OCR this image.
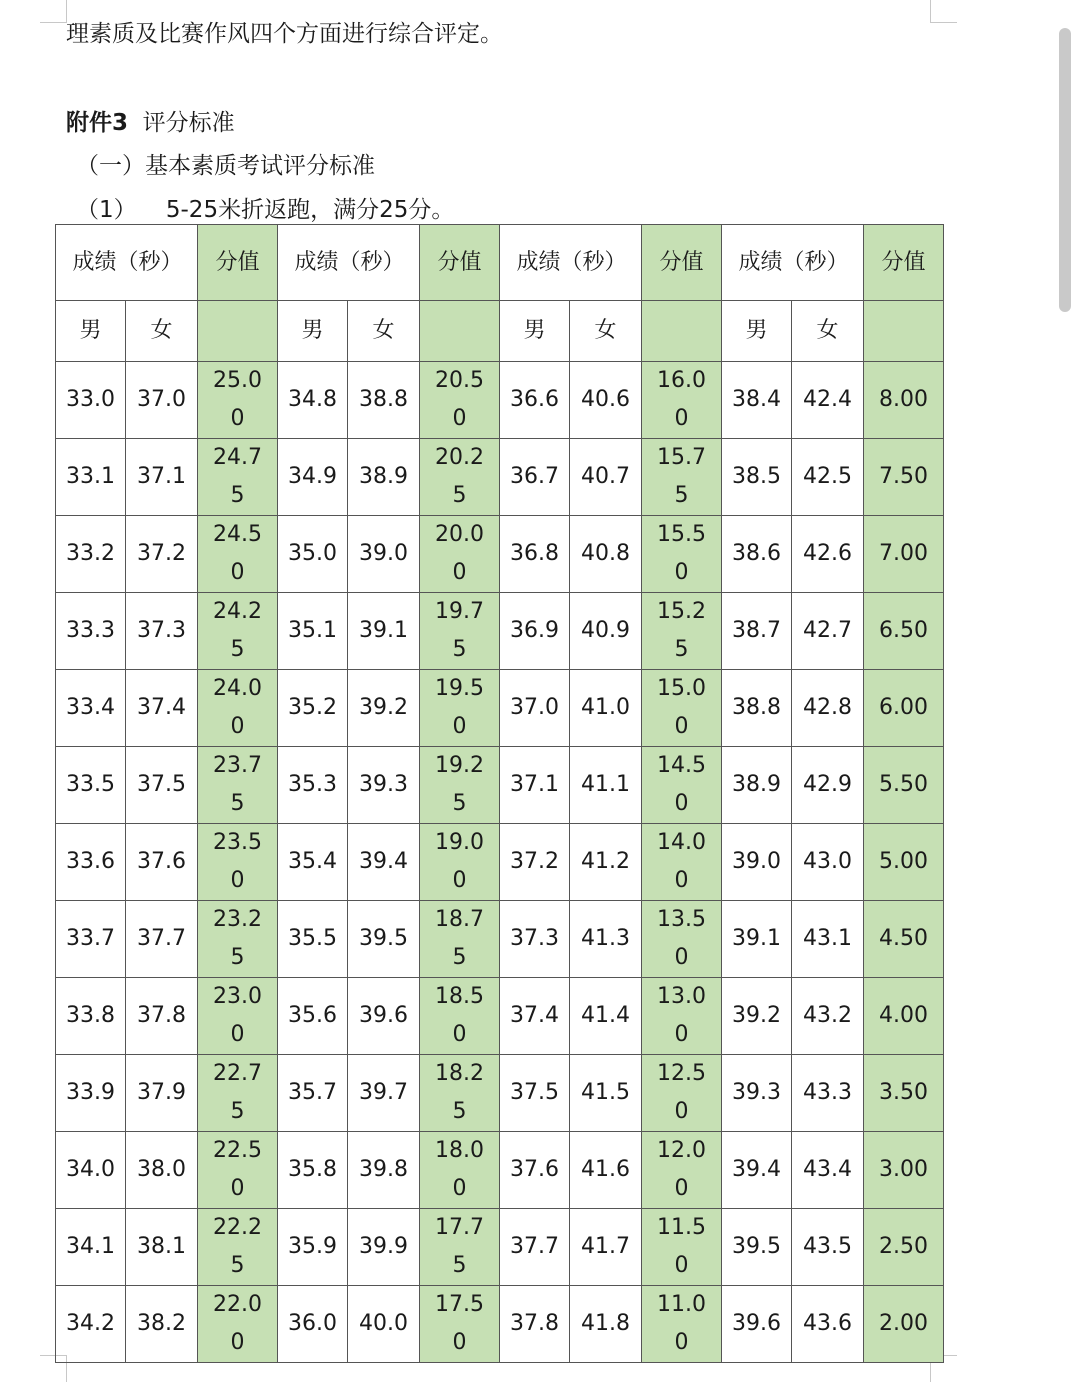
理素质及比赛作风四个方面进行综合评定。
附件3  评分标准
（一）基本素质考试评分标准
（1）    5-25米折返跑，满分25分。
成绩（秒）		分值	成绩（秒）		分值	成绩（秒）		分值	成绩（秒）		分值
男	女		男	女		男	女		男	女	
33.0	37.0	25.00	34.8	38.8	20.50	36.6	40.6	16.00	38.4	42.4	8.00

33.1	37.1	24.75	34.9	38.9	20.25	36.7	40.7	15.75	38.5	42.5	7.50

33.2	37.2	24.50	35.0	39.0	20.00	36.8	40.8	15.50	38.6	42.6	7.00

33.3	37.3	24.25	35.1	39.1	19.75	36.9	40.9	15.25	38.7	42.7	6.50

33.4	37.4	24.00	35.2	39.2	19.50	37.0	41.0	15.00	38.8	42.8	6.00

33.5	37.5	23.75	35.3	39.3	19.25	37.1	41.1	14.50	38.9	42.9	5.50

33.6	37.6	23.50	35.4	39.4	19.00	37.2	41.2	14.00	39.0	43.0	5.00

33.7	37.7	23.25	35.5	39.5	18.75	37.3	41.3	13.50	39.1	43.1	4.50

33.8	37.8	23.00	35.6	39.6	18.50	37.4	41.4	13.00	39.2	43.2	4.00

33.9	37.9	22.75	35.7	39.7	18.25	37.5	41.5	12.50	39.3	43.3	3.50

34.0	38.0	22.50	35.8	39.8	18.00	37.6	41.6	12.00	39.4	43.4	3.00

34.1	38.1	22.25	35.9	39.9	17.75	37.7	41.7	11.50	39.5	43.5	2.50

34.2	38.2	22.00	36.0	40.0	17.50	37.8	41.8	11.00	39.6	43.6	2.00
